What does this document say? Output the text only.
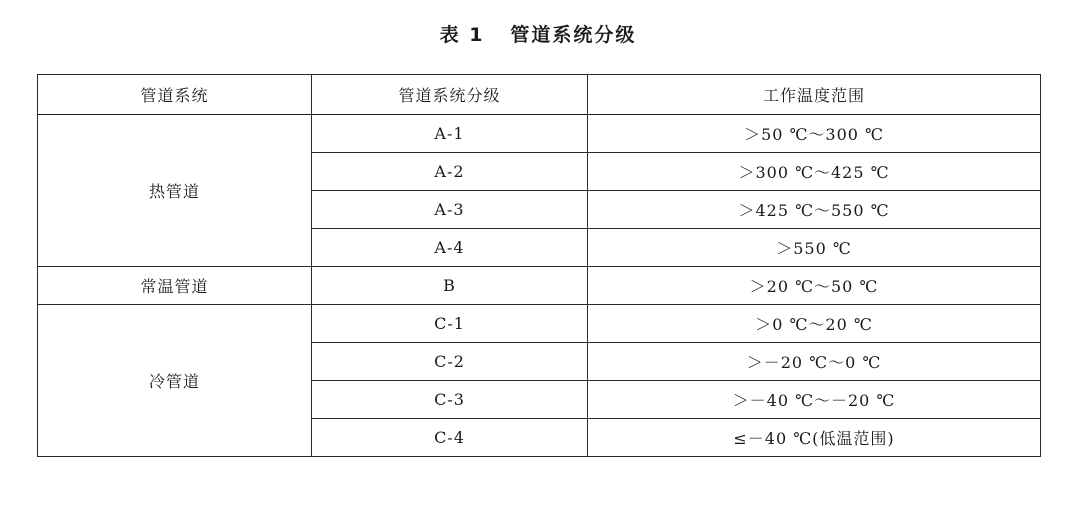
表 1   管道系统分级
管道系统	管道系统分级	工作温度范围
热管道	A-1	＞50 ℃～300 ℃
	A-2	＞300 ℃～425 ℃
	A-3	＞425 ℃～550 ℃
	A-4	＞550 ℃
常温管道	B	＞20 ℃～50 ℃
冷管道	C-1	＞0 ℃～20 ℃
	C-2	＞－20 ℃～0 ℃
	C-3	＞－40 ℃～－20 ℃
	C-4	≤－40 ℃(低温范围)
